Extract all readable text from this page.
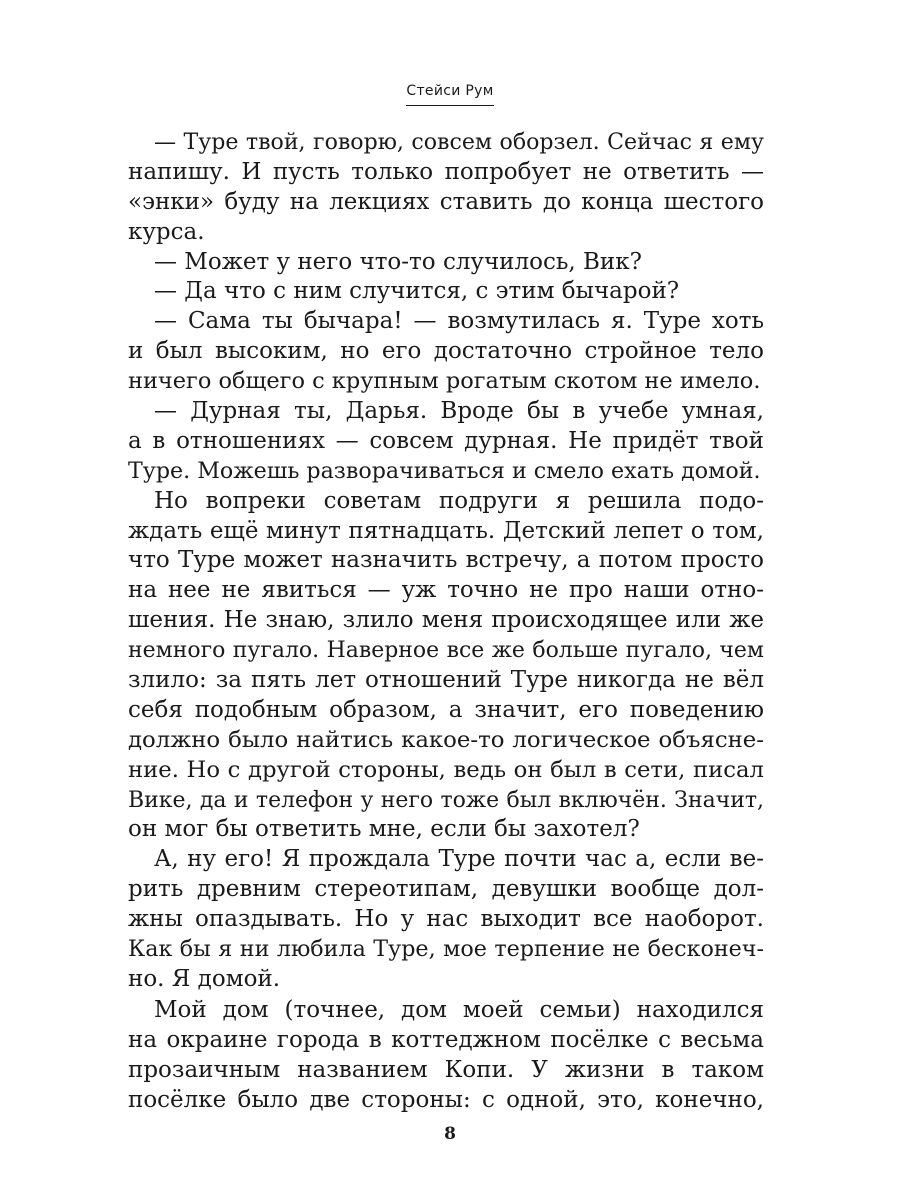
Стейси Рум
— Туре твой, говорю, совсем оборзел. Сейчас я ему
напишу. И пусть только попробует не ответить —
«энки» буду на лекциях ставить до конца шестого
курса.
— Может у него что-то случилось, Вик?
— Да что с ним случится, с этим бычарой?
— Сама ты бычара! — возмутилась я. Туре хоть
и был высоким, но его достаточно стройное тело
ничего общего с крупным рогатым скотом не имело.
— Дурная ты, Дарья. Вроде бы в учебе умная,
а в отношениях — совсем дурная. Не придёт твой
Туре. Можешь разворачиваться и смело ехать домой.
Но вопреки советам подруги я решила подо-
ждать ещё минут пятнадцать. Детский лепет о том,
что Туре может назначить встречу, а потом просто
на нее не явиться — уж точно не про наши отно-
шения. Не знаю, злило меня происходящее или же
немного пугало. Наверное все же больше пугало, чем
злило: за пять лет отношений Туре никогда не вёл
себя подобным образом, а значит, его поведению
должно было найтись какое-то логическое объясне-
ние. Но с другой стороны, ведь он был в сети, писал
Вике, да и телефон у него тоже был включён. Значит,
он мог бы ответить мне, если бы захотел?
А, ну его! Я прождала Туре почти час а, если ве-
рить древним стереотипам, девушки вообще дол-
жны опаздывать. Но у нас выходит все наоборот.
Как бы я ни любила Туре, мое терпение не бесконеч-
но. Я домой.
Мой дом (точнее, дом моей семьи) находился
на окраине города в коттеджном посёлке с весьма
прозаичным названием Копи. У жизни в таком
посёлке было две стороны: с одной, это, конечно,
8
